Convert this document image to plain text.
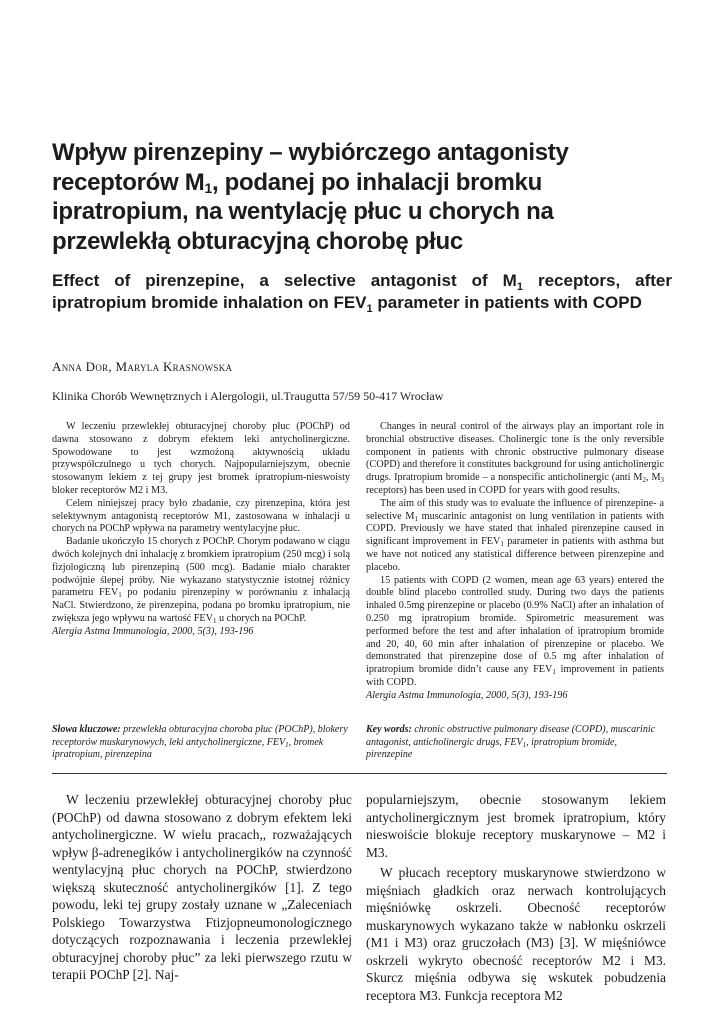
Wpływ pirenzepiny – wybiórczego antagonisty receptorów $M_1$, podanej po inhalacji bromku ipratropium, na wentylację płuc u chorych na przewlekłą obturacyjną chorobę płuc
Effect of pirenzepine, a selective antagonist of $M_1$ receptors, after ipratropium bromide inhalation on $FEV_1$ parameter in patients with COPD
Anna Dor, Maryla Krasnowska
Klinika Chorób Wewnętrznych i Alergologii, ul.Traugutta 57/59 50-417 Wrocław

W leczeniu przewlekłej obturacyjnej choroby płuc (POChP) od dawna stosowano z dobrym efektem leki antycholinergiczne. Spowodowane to jest wzmożoną aktywnością układu przywspółczulnego u tych chorych. Najpopularniejszym, obecnie stosowanym lekiem z tej grupy jest bromek ipratropium-nieswoisty bloker receptorów M2 i M3.

Celem niniejszej pracy było zbadanie, czy pirenzepina, która jest selektywnym antagonistą receptorów M1, zastosowana w inhalacji u chorych na POChP wpływa na parametry wentylacyjne płuc.

Badanie ukończyło 15 chorych z POChP. Chorym podawano w ciągu dwóch kolejnych dni inhalację z bromkiem ipratropium (250 mcg) i solą fizjologiczną lub pirenzepiną (500 mcg). Badanie miało charakter podwójnie ślepej próby. Nie wykazano statystycznie istotnej różnicy parametru $FEV_1$ po podaniu pirenzepiny w porównaniu z inhalacją NaCl. Stwierdzono, że pirenzepina, podana po bromku ipratropium, nie zwiększa jego wpływu na wartość $FEV_1$ u chorych na POChP.

Alergia Astma Immunologia, 2000, 5(3), 193-196

Changes in neural control of the airways play an important role in bronchial obstructive diseases. Cholinergic tone is the only reversible component in patients with chronic obstructive pulmonary disease (COPD) and therefore it constitutes background for using anticholinergic drugs. Ipratropium bromide – a nonspecific anticholinergic (anti $M_2$, $M_3$ receptors) has been used in COPD for years with good results.

The aim of this study was to evaluate the influence of pirenzepine- a selective $M_1$ muscarinic antagonist on lung ventilation in patients with COPD. Previously we have stated that inhaled pirenzepine caused in significant improvement in $FEV_1$ parameter in patients with asthma but we have not noticed any statistical difference between pirenzepine and placebo.

15 patients with COPD (2 women, mean age 63 years) entered the double blind placebo controlled study. During two days the patients inhaled 0.5mg pirenzepine or placebo (0.9% NaCl) after an inhalation of 0.250 mg ipratropium bromide. Spirometric measurement was performed before the test and after inhalation of ipratropium bromide and 20, 40, 60 min after inhalation of pirenzepine or placebo. We demonstrated that pirenzepine dose of 0.5 mg after inhalation of ipratropium bromide didn’t cause any $FEV_1$ improvement in patients with COPD.

Alergia Astma Immunologia, 2000, 5(3), 193-196

Słowa kluczowe: przewlekła obturacyjna choroba płuc (POChP), blokery receptorów muskarynowych, leki antycholinergiczne, $FEV_1$, bromek ipratropium, pirenzepina
Key words: chronic obstructive pulmonary disease (COPD), muscarinic antagonist, anticholinergic drugs, $FEV_1$, ipratropium bromide, pirenzepine

W leczeniu przewlekłej obturacyjnej choroby płuc (POChP) od dawna stosowano z dobrym efektem leki antycholinergiczne. W wielu pracach,, rozważających wpływ β-adrenegików i antycholinergików na czynność wentylacyjną płuc chorych na POChP, stwierdzono większą skuteczność antycholinergików [1]. Z tego powodu, leki tej grupy zostały uznane w „Zaleceniach Polskiego Towarzystwa Ftizjopneumonologicznego dotyczących rozpoznawania i leczenia przewlekłej obturacyjnej choroby płuc” za leki pierwszego rzutu w terapii POChP [2]. Naj-

popularniejszym, obecnie stosowanym lekiem antycholinergicznym jest bromek ipratropium, który nieswoiście blokuje receptory muskarynowe – M2 i M3.

W płucach receptory muskarynowe stwierdzono w mięśniach gładkich oraz nerwach kontrolujących mięśniówkę oskrzeli. Obecność receptorów muskarynowych wykazano także w nabłonku oskrzeli (M1 i M3) oraz gruczołach (M3) [3]. W mięśniówce oskrzeli wykryto obecność receptorów M2 i M3. Skurcz mięśnia odbywa się wskutek pobudzenia receptora M3. Funkcja receptora M2
